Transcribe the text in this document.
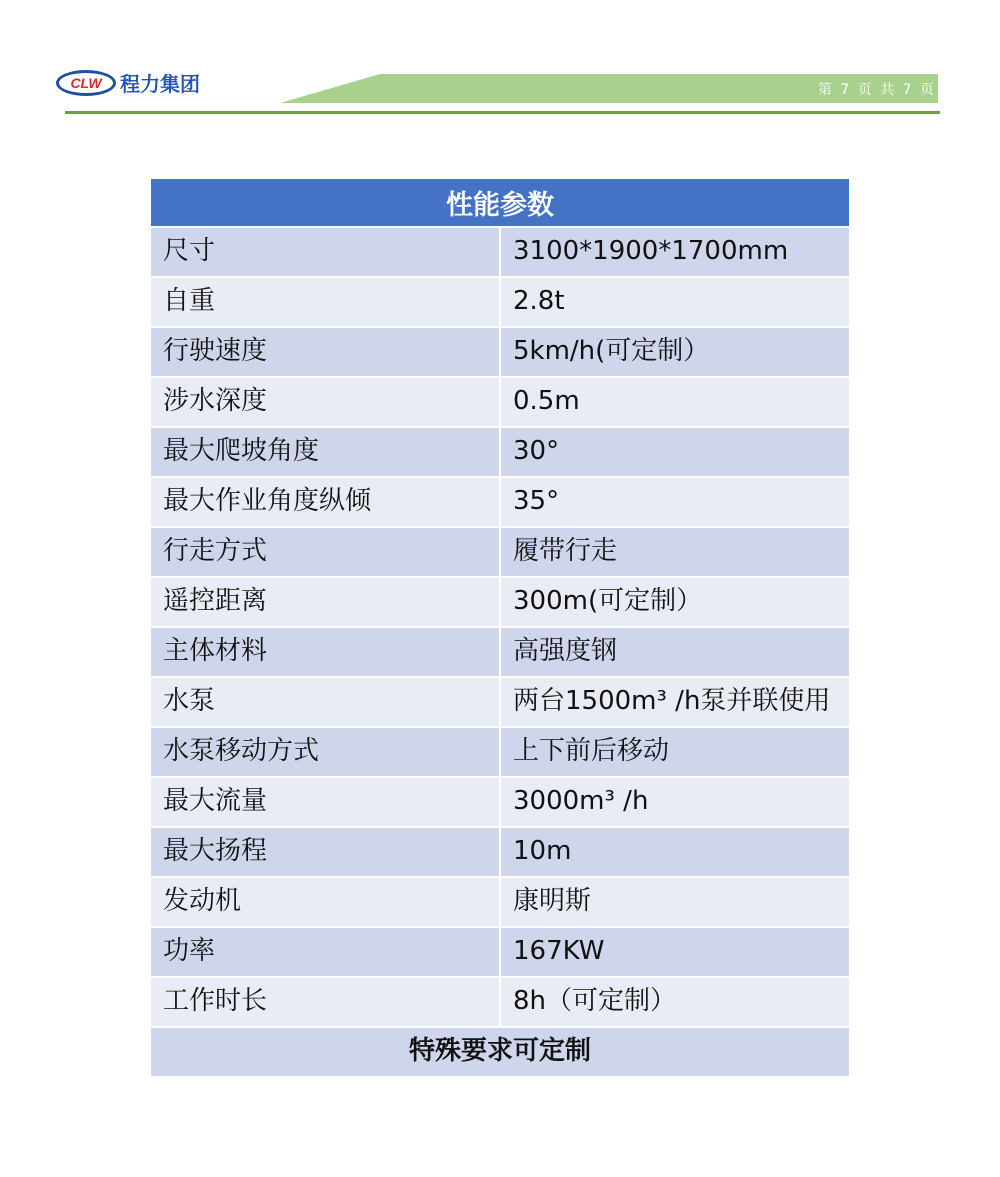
CLW 程力集团	第 7 页 共 7 页
性能参数	
尺寸	3100*1900*1700mm
自重	2.8t
行驶速度	5km/h(可定制）
涉水深度	0.5m
最大爬坡角度	30°
最大作业角度纵倾	35°
行走方式	履带行走
遥控距离	300m(可定制）
主体材料	高强度钢
水泵	两台1500m³ /h泵并联使用
水泵移动方式	上下前后移动
最大流量	3000m³ /h
最大扬程	10m
发动机	康明斯
功率	167KW
工作时长	8h（可定制）
特殊要求可定制	
